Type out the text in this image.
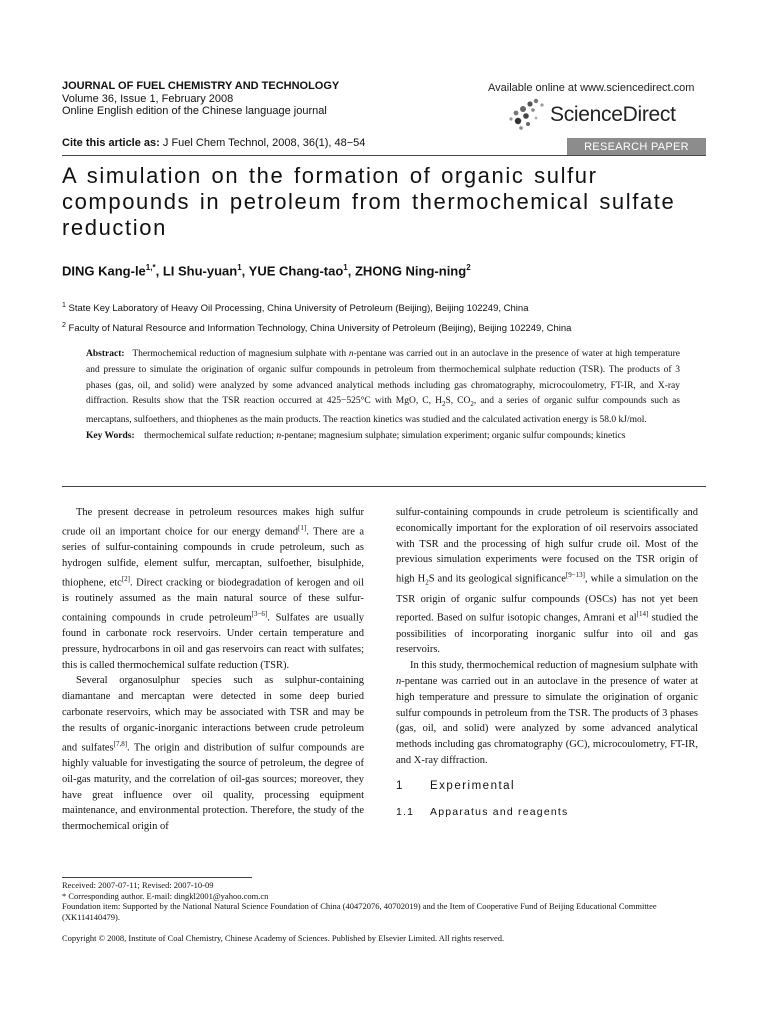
JOURNAL OF FUEL CHEMISTRY AND TECHNOLOGY
Volume 36, Issue 1, February 2008
Online English edition of the Chinese language journal
Available online at www.sciencedirect.com
ScienceDirect
Cite this article as: J Fuel Chem Technol, 2008, 36(1), 48−54	RESEARCH PAPER
A simulation on the formation of organic sulfur compounds in petroleum from thermochemical sulfate reduction
DING Kang-$le^{1,*}$, LI Shu-yuan$^1$, YUE Chang-tao$^1$, ZHONG Ning-ning$^2$
$^1$ State Key Laboratory of Heavy Oil Processing, China University of Petroleum (Beijing), Beijing 102249, China
$^2$ Faculty of Natural Resource and Information Technology, China University of Petroleum (Beijing), Beijing 102249, China
Abstract: Thermochemical reduction of magnesium sulphate with n-pentane was carried out in an autoclave in the presence of water at high temperature and pressure to simulate the origination of organic sulfur compounds in petroleum from thermochemical sulphate reduction (TSR). The products of 3 phases (gas, oil, and solid) were analyzed by some advanced analytical methods including gas chromatography, microcoulometry, FT-IR, and X-ray diffraction. Results show that the TSR reaction occurred at 425−525°C with MgO, C, $H_2S$, $CO_2$, and a series of organic sulfur compounds such as mercaptans, sulfoethers, and thiophenes as the main products. The reaction kinetics was studied and the calculated activation energy is 58.0 kJ/mol.
Key Words: thermochemical sulfate reduction; n-pentane; magnesium sulphate; simulation experiment; organic sulfur compounds; kinetics

The present decrease in petroleum resources makes high sulfur crude oil an important choice for our energy demand[1]. There are a series of sulfur-containing compounds in crude petroleum, such as hydrogen sulfide, element sulfur, mercaptan, sulfoether, bisulphide, thiophene, etc[2]. Direct cracking or biodegradation of kerogen and oil is routinely assumed as the main natural source of these sulfur-containing compounds in crude petroleum[3−6]. Sulfates are usually found in carbonate rock reservoirs. Under certain temperature and pressure, hydrocarbons in oil and gas reservoirs can react with sulfates; this is called thermochemical sulfate reduction (TSR).

Several organosulphur species such as sulphur-containing diamantane and mercaptan were detected in some deep buried carbonate reservoirs, which may be associated with TSR and may be the results of organic-inorganic interactions between crude petroleum and sulfates[7,8]. The origin and distribution of sulfur compounds are highly valuable for investigating the source of petroleum, the degree of oil-gas maturity, and the correlation of oil-gas sources; moreover, they have great influence over oil quality, processing equipment maintenance, and environmental protection. Therefore, the study of the thermochemical origin of

sulfur-containing compounds in crude petroleum is scientifically and economically important for the exploration of oil reservoirs associated with TSR and the processing of high sulfur crude oil. Most of the previous simulation experiments were focused on the TSR origin of high $H_2S$ and its geological significance[9−13], while a simulation on the TSR origin of organic sulfur compounds (OSCs) has not yet been reported. Based on sulfur isotopic changes, Amrani et al[14] studied the possibilities of incorporating inorganic sulfur into oil and gas reservoirs.

In this study, thermochemical reduction of magnesium sulphate with n-pentane was carried out in an autoclave in the presence of water at high temperature and pressure to simulate the origination of organic sulfur compounds in petroleum from the TSR. The products of 3 phases (gas, oil, and solid) were analyzed by some advanced analytical methods including gas chromatography (GC), microcoulometry, FT-IR, and X-ray diffraction.

1 Experimental
1.1 Apparatus and reagents
Received: 2007-07-11; Revised: 2007-10-09
* Corresponding author. E-mail: dingkl2001@yahoo.com.cn
Foundation item: Supported by the National Natural Science Foundation of China (40472076, 40702019) and the Item of Cooperative Fund of Beijing Educational Committee (XK114140479).
Copyright © 2008, Institute of Coal Chemistry, Chinese Academy of Sciences. Published by Elsevier Limited. All rights reserved.
